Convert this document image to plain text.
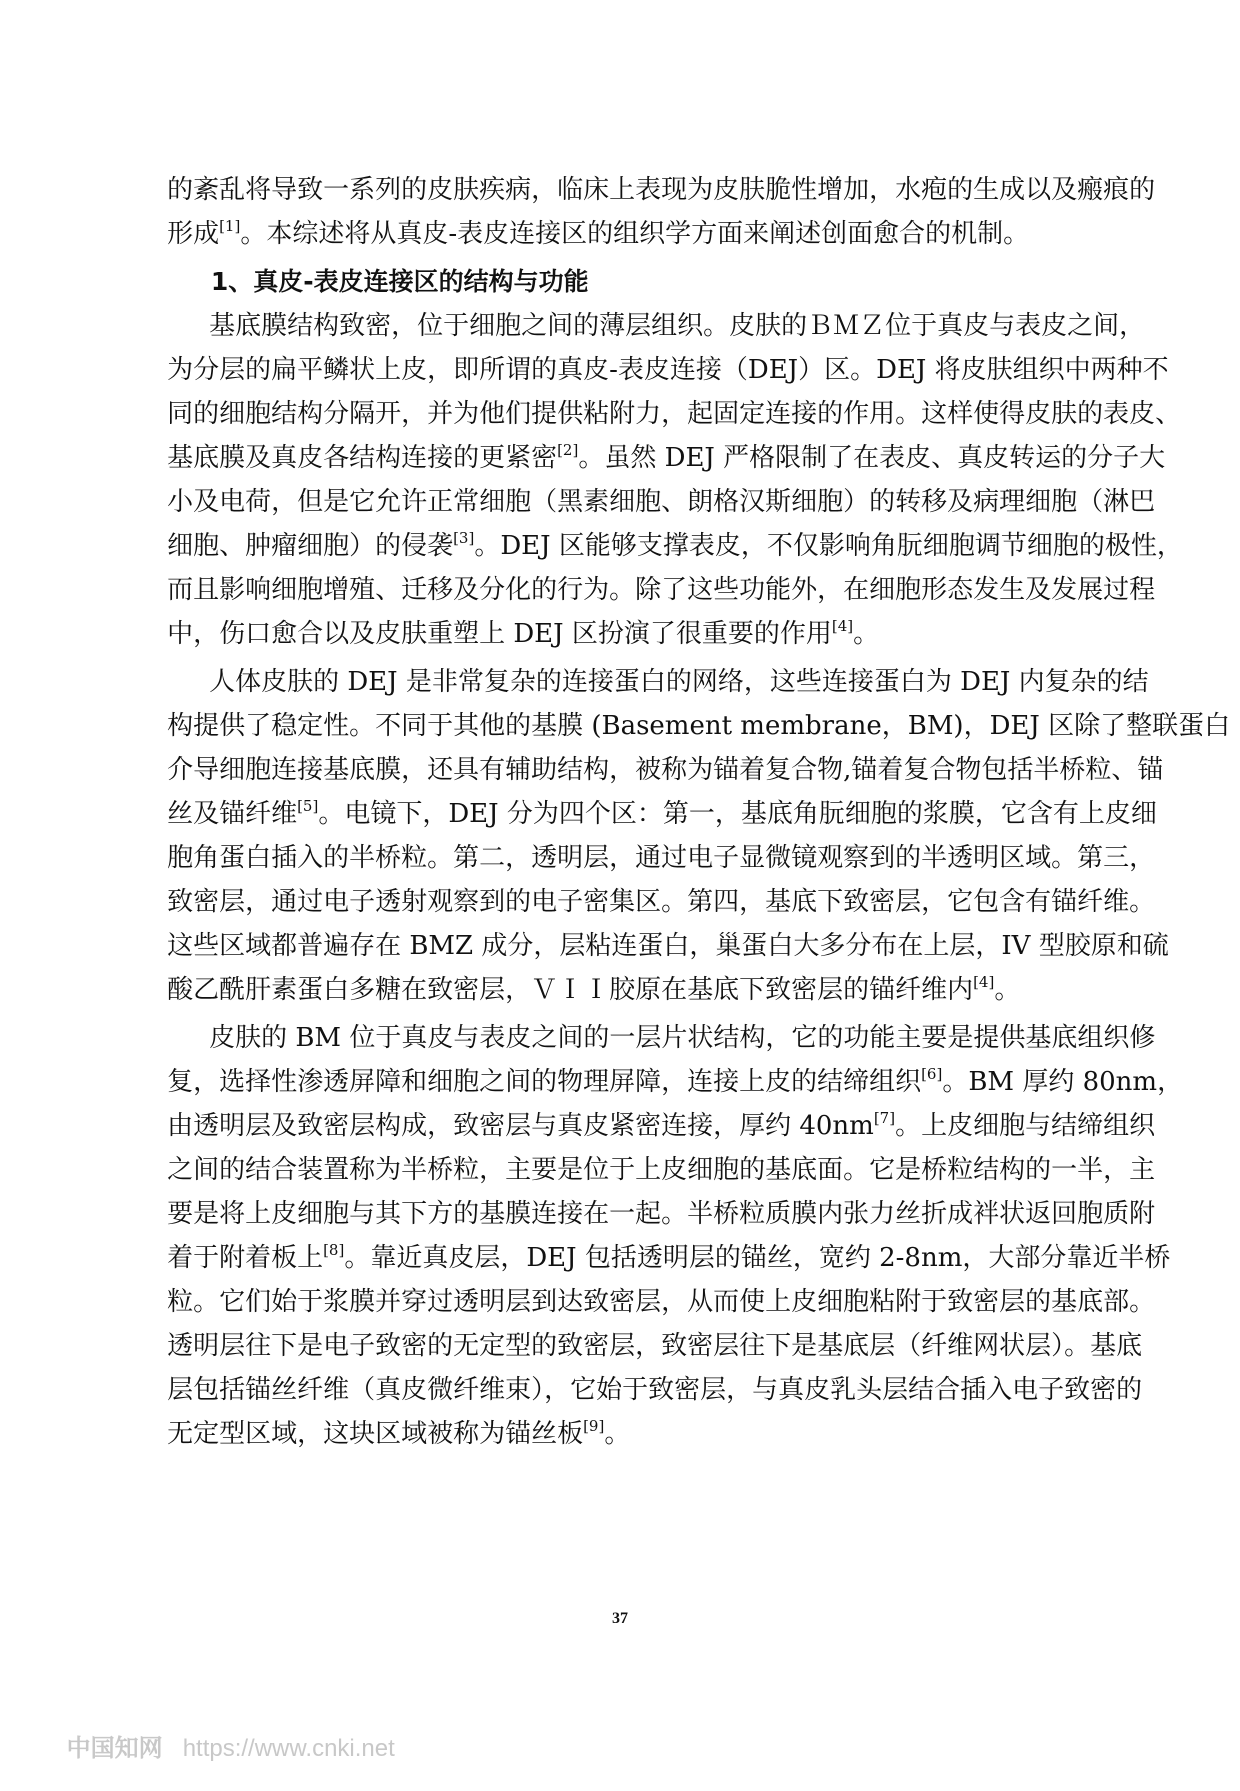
的紊乱将导致一系列的皮肤疾病，临床上表现为皮肤脆性增加，水疱的生成以及瘢痕的

形成[1]。本综述将从真皮-表皮连接区的组织学方面来阐述创面愈合的机制。

1、真皮-表皮连接区的结构与功能

基底膜结构致密，位于细胞之间的薄层组织。皮肤的ＢＭＺ位于真皮与表皮之间，

为分层的扁平鳞状上皮，即所谓的真皮-表皮连接（DEJ）区。DEJ 将皮肤组织中两种不

同的细胞结构分隔开，并为他们提供粘附力，起固定连接的作用。这样使得皮肤的表皮、

基底膜及真皮各结构连接的更紧密[2]。虽然 DEJ 严格限制了在表皮、真皮转运的分子大

小及电荷，但是它允许正常细胞（黑素细胞、朗格汉斯细胞）的转移及病理细胞（淋巴

细胞、肿瘤细胞）的侵袭[3]。DEJ 区能够支撑表皮，不仅影响角朊细胞调节细胞的极性，

而且影响细胞增殖、迁移及分化的行为。除了这些功能外，在细胞形态发生及发展过程

中，伤口愈合以及皮肤重塑上 DEJ 区扮演了很重要的作用[4]。

人体皮肤的 DEJ 是非常复杂的连接蛋白的网络，这些连接蛋白为 DEJ 内复杂的结

构提供了稳定性。不同于其他的基膜 (Basement membrane，BM)，DEJ 区除了整联蛋白

介导细胞连接基底膜，还具有辅助结构，被称为锚着复合物,锚着复合物包括半桥粒、锚

丝及锚纤维[5]。电镜下，DEJ 分为四个区：第一，基底角朊细胞的浆膜，它含有上皮细

胞角蛋白插入的半桥粒。第二，透明层，通过电子显微镜观察到的半透明区域。第三，

致密层，通过电子透射观察到的电子密集区。第四，基底下致密层，它包含有锚纤维。

这些区域都普遍存在 BMZ 成分，层粘连蛋白，巢蛋白大多分布在上层，IV 型胶原和硫

酸乙酰肝素蛋白多糖在致密层，ＶＩＩ胶原在基底下致密层的锚纤维内[4]。

皮肤的 BM 位于真皮与表皮之间的一层片状结构，它的功能主要是提供基底组织修

复，选择性渗透屏障和细胞之间的物理屏障，连接上皮的结缔组织[6]。BM 厚约 80nm，

由透明层及致密层构成，致密层与真皮紧密连接，厚约 40nm[7]。上皮细胞与结缔组织

之间的结合装置称为半桥粒，主要是位于上皮细胞的基底面。它是桥粒结构的一半，主

要是将上皮细胞与其下方的基膜连接在一起。半桥粒质膜内张力丝折成袢状返回胞质附

着于附着板上[8]。靠近真皮层，DEJ 包括透明层的锚丝，宽约 2-8nm，大部分靠近半桥

粒。它们始于浆膜并穿过透明层到达致密层，从而使上皮细胞粘附于致密层的基底部。

透明层往下是电子致密的无定型的致密层，致密层往下是基底层（纤维网状层）。基底

层包括锚丝纤维（真皮微纤维束），它始于致密层，与真皮乳头层结合插入电子致密的

无定型区域，这块区域被称为锚丝板[9]。

37

中国知网 https://www.cnki.net
